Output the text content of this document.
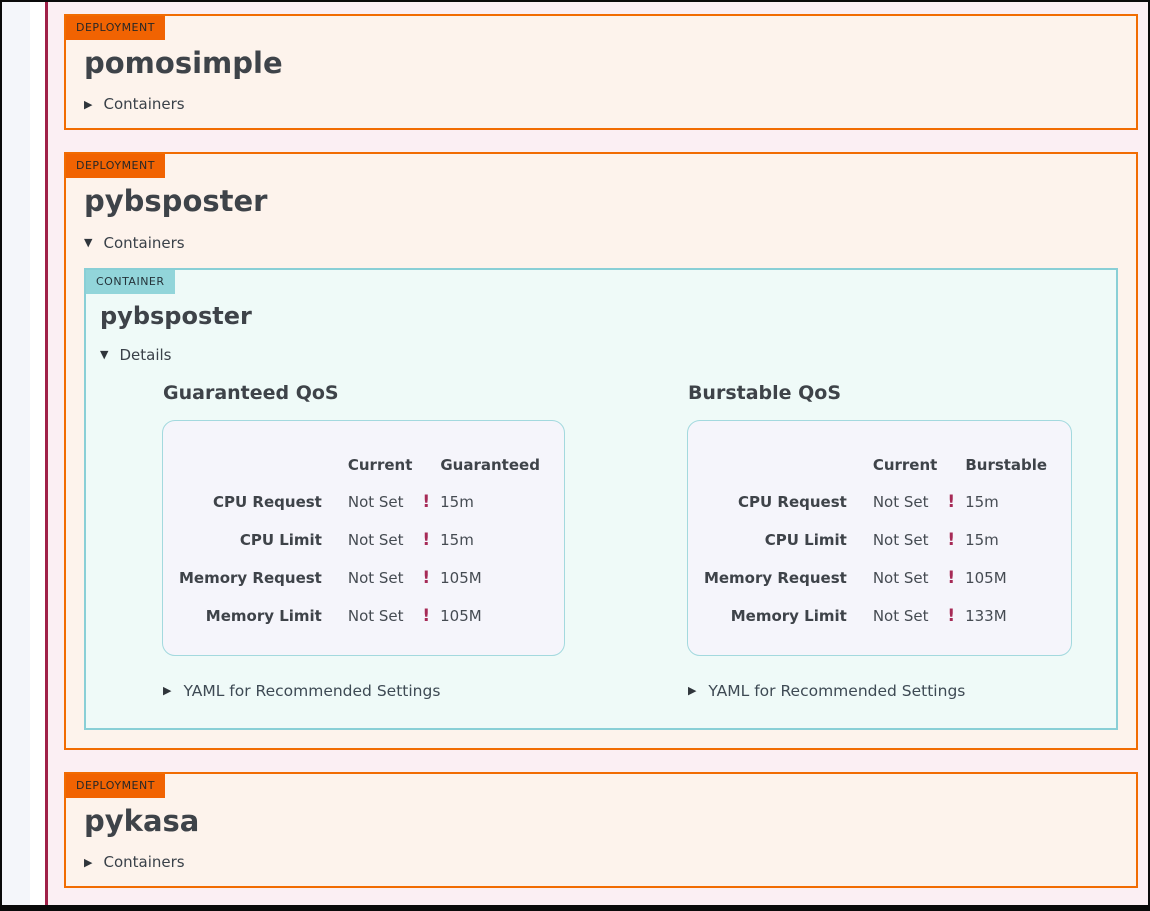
DEPLOYMENT
pomosimple
▶ Containers
DEPLOYMENT
pybsposter
▼ Containers
CONTAINER
pybsposter
▼ Details
Guaranteed QoS
	Current	Guaranteed
CPU Request	Not Set	! 15m
CPU Limit	Not Set	! 15m
Memory Request	Not Set	! 105M
Memory Limit	Not Set	! 105M
▶ YAML for Recommended Settings
Burstable QoS
	Current	Burstable
CPU Request	Not Set	! 15m
CPU Limit	Not Set	! 15m
Memory Request	Not Set	! 105M
Memory Limit	Not Set	! 133M
▶ YAML for Recommended Settings
DEPLOYMENT
pykasa
▶ Containers
